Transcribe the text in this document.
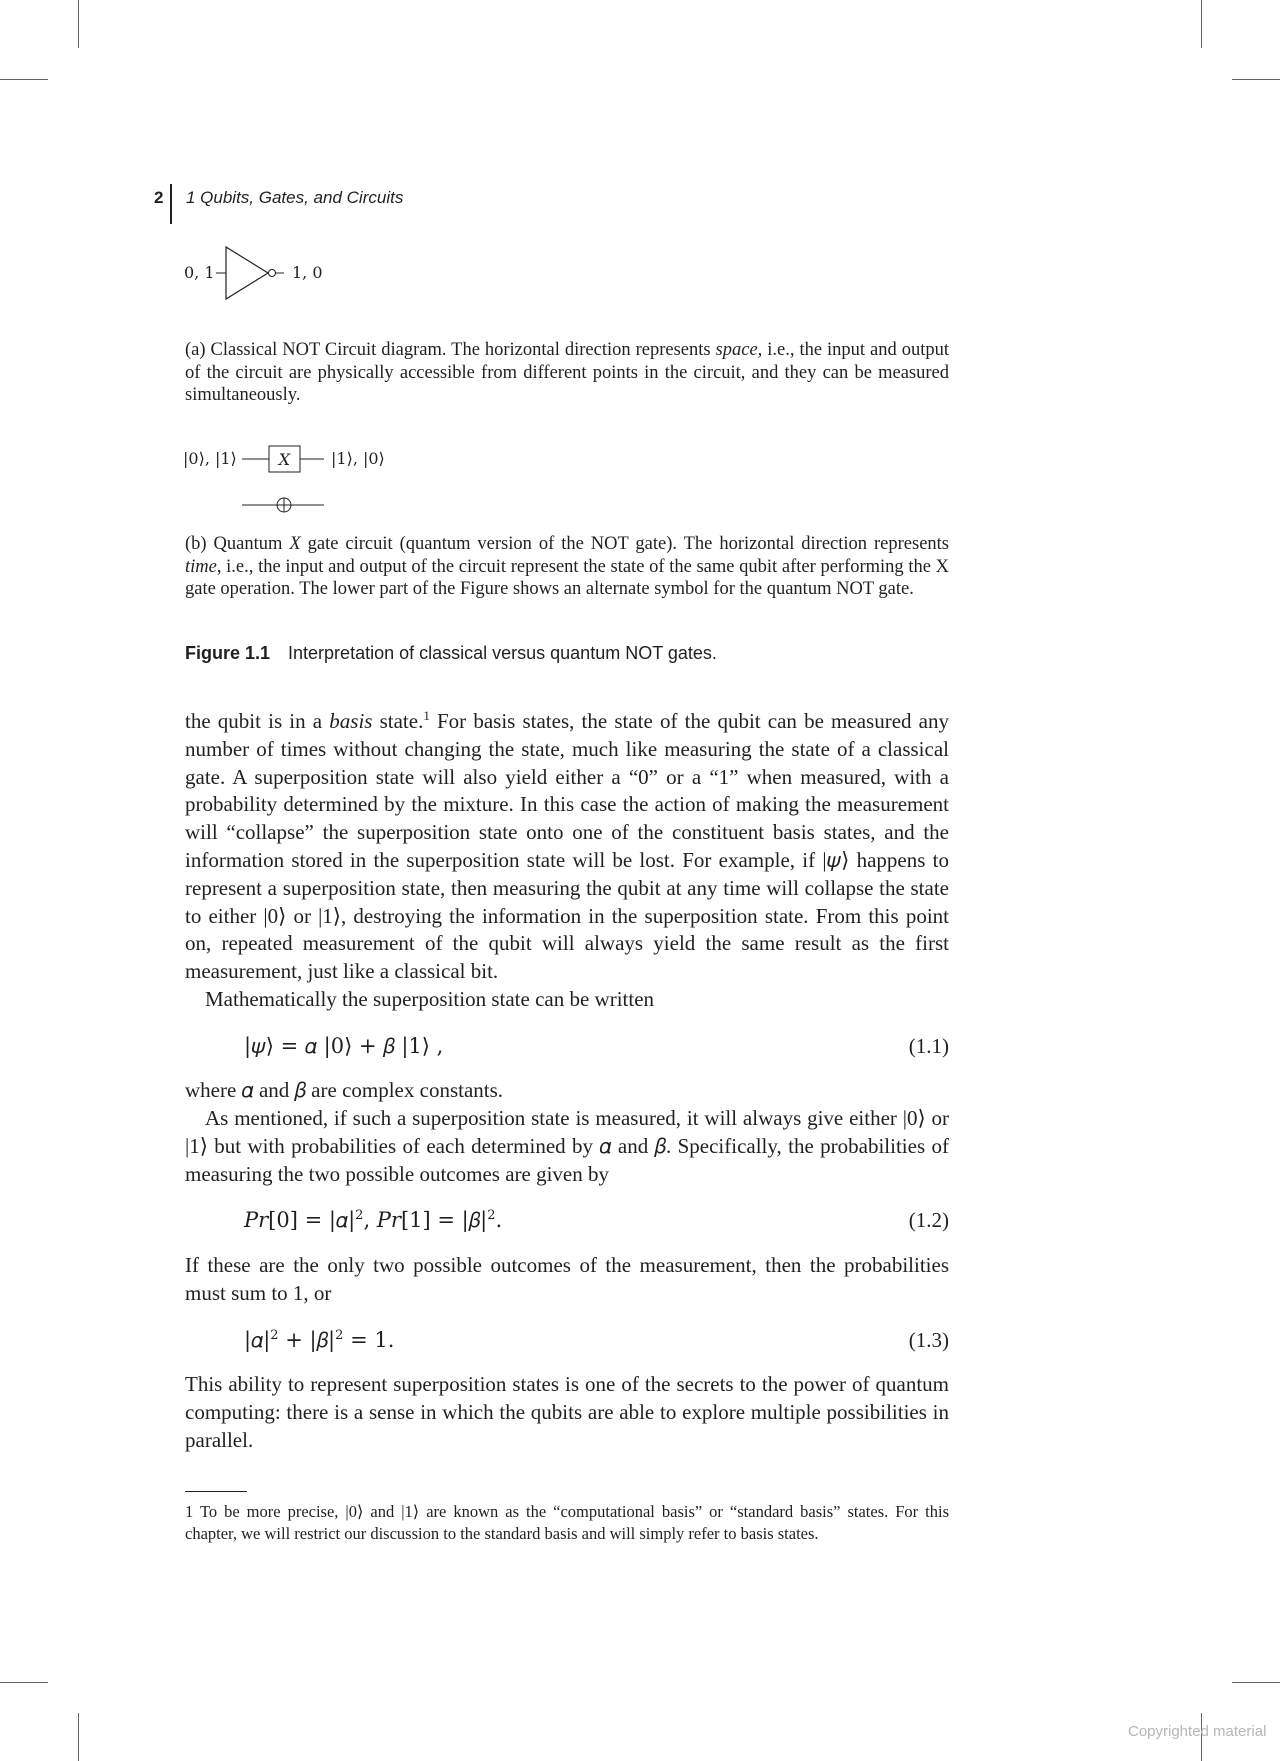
2 1 Qubits, Gates, and Circuits
0, 1	1, 0

(a) Classical NOT Circuit diagram. The horizontal direction represents space, i.e., the input and output of the circuit are physically accessible from different points in the circuit, and they can be measured simultaneously.

|0⟩, |1⟩	X	|1⟩, |0⟩

(b) Quantum X gate circuit (quantum version of the NOT gate). The horizontal direction represents time, i.e., the input and output of the circuit represent the state of the same qubit after performing the X gate operation. The lower part of the Figure shows an alternate symbol for the quantum NOT gate.

Figure 1.1 Interpretation of classical versus quantum NOT gates.

the qubit is in a basis state.$^1$ For basis states, the state of the qubit can be measured any number of times without changing the state, much like measuring the state of a classical gate. A superposition state will also yield either a “0” or a “1” when measured, with a probability determined by the mixture. In this case the action of making the measurement will “collapse” the superposition state onto one of the constituent basis states, and the information stored in the superposition state will be lost. For example, if |𝜓⟩ happens to represent a superposition state, then measuring the qubit at any time will collapse the state to either |0⟩ or |1⟩, destroying the information in the superposition state. From this point on, repeated measurement of the qubit will always yield the same result as the first measurement, just like a classical bit.

Mathematically the superposition state can be written

|𝜓⟩ = 𝛼 |0⟩ + 𝛽 |1⟩ ,	(1.1)

where 𝛼 and 𝛽 are complex constants.

As mentioned, if such a superposition state is measured, it will always give either |0⟩ or |1⟩ but with probabilities of each determined by 𝛼 and 𝛽. Specifically, the probabilities of measuring the two possible outcomes are given by

𝑃𝑟[0] = $|𝛼|^2$, 𝑃𝑟[1] = $|𝛽|^2$.	(1.2)

If these are the only two possible outcomes of the measurement, then the probabilities must sum to 1, or

$|𝛼|^2$ + $|𝛽|^2 = 1$.	(1.3)

This ability to represent superposition states is one of the secrets to the power of quantum computing: there is a sense in which the qubits are able to explore multiple possibilities in parallel.

1 To be more precise, |0⟩ and |1⟩ are known as the “computational basis” or “standard basis” states. For this chapter, we will restrict our discussion to the standard basis and will simply refer to basis states.

Copyrighted material
